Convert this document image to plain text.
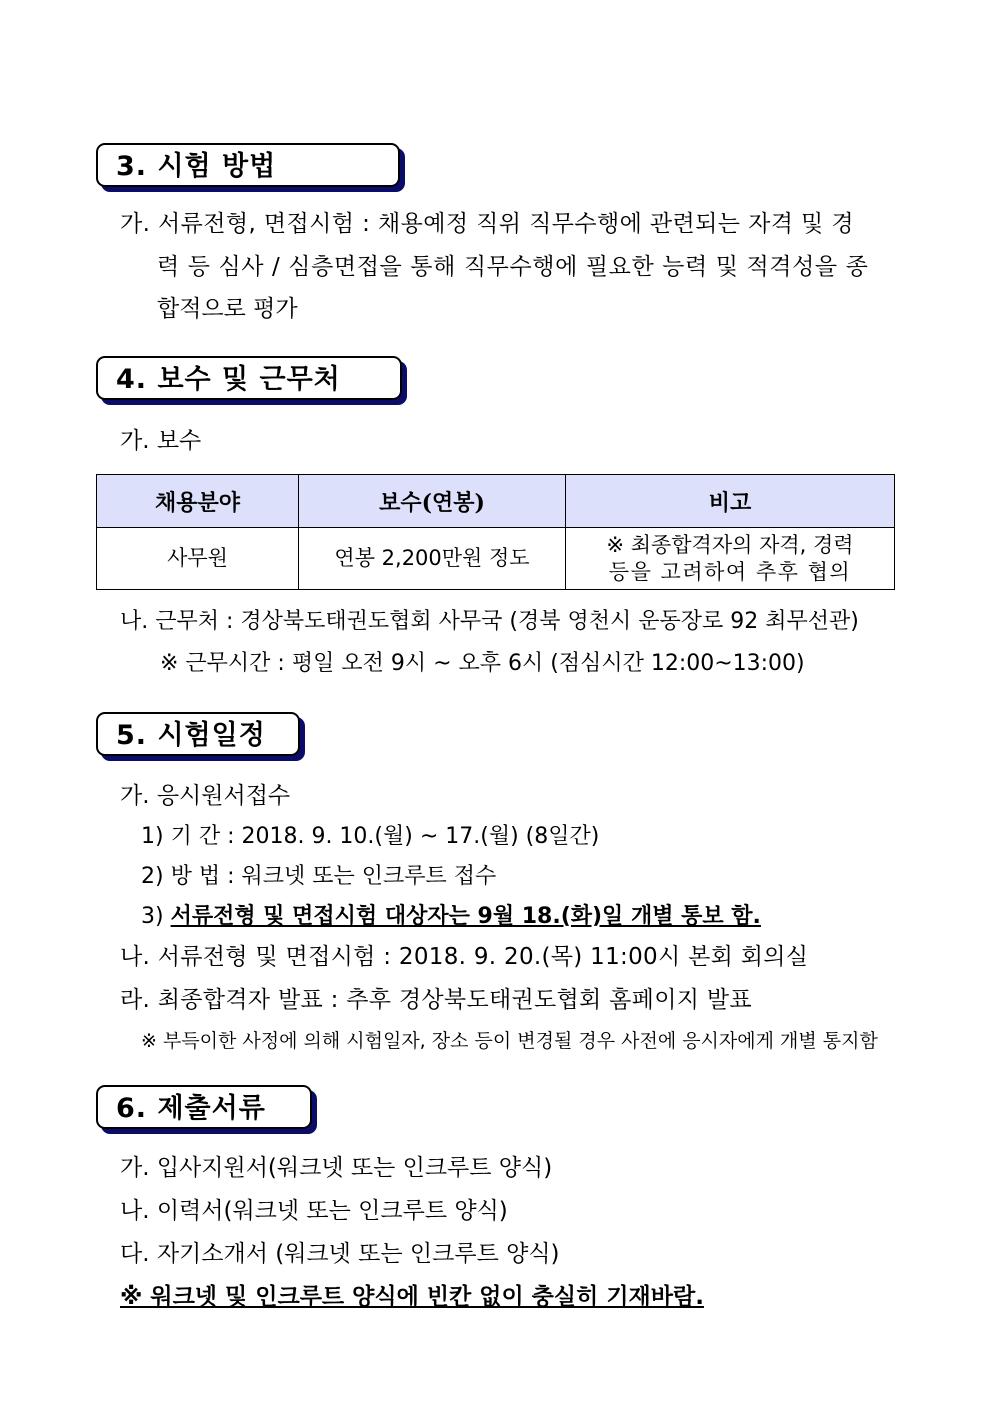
3. 시험 방법
가. 서류전형, 면접시험 : 채용예정 직위 직무수행에 관련되는 자격 및 경
력 등 심사 / 심층면접을 통해 직무수행에 필요한 능력 및 적격성을 종
합적으로 평가
4. 보수 및 근무처
가. 보수
채용분야	보수(연봉)	비고
사무원	연봉 2,200만원 정도	※ 최종합격자의 자격, 경력
등을 고려하여 추후 협의
나. 근무처 : 경상북도태권도협회 사무국 (경북 영천시 운동장로 92 최무선관)
※ 근무시간 : 평일 오전 9시 ~ 오후 6시 (점심시간 12:00~13:00)
5. 시험일정
가. 응시원서접수
1) 기 간 : 2018. 9. 10.(월) ~ 17.(월) (8일간)
2) 방 법 : 워크넷 또는 인크루트 접수
3) 서류전형 및 면접시험 대상자는 9월 18.(화)일 개별 통보 함.
나. 서류전형 및 면접시험 : 2018. 9. 20.(목) 11:00시 본회 회의실
라. 최종합격자 발표 : 추후 경상북도태권도협회 홈페이지 발표
※ 부득이한 사정에 의해 시험일자, 장소 등이 변경될 경우 사전에 응시자에게 개별 통지함
6. 제출서류
가. 입사지원서(워크넷 또는 인크루트 양식)
나. 이력서(워크넷 또는 인크루트 양식)
다. 자기소개서 (워크넷 또는 인크루트 양식)
※ 워크넷 및 인크루트 양식에 빈칸 없이 충실히 기재바람.
